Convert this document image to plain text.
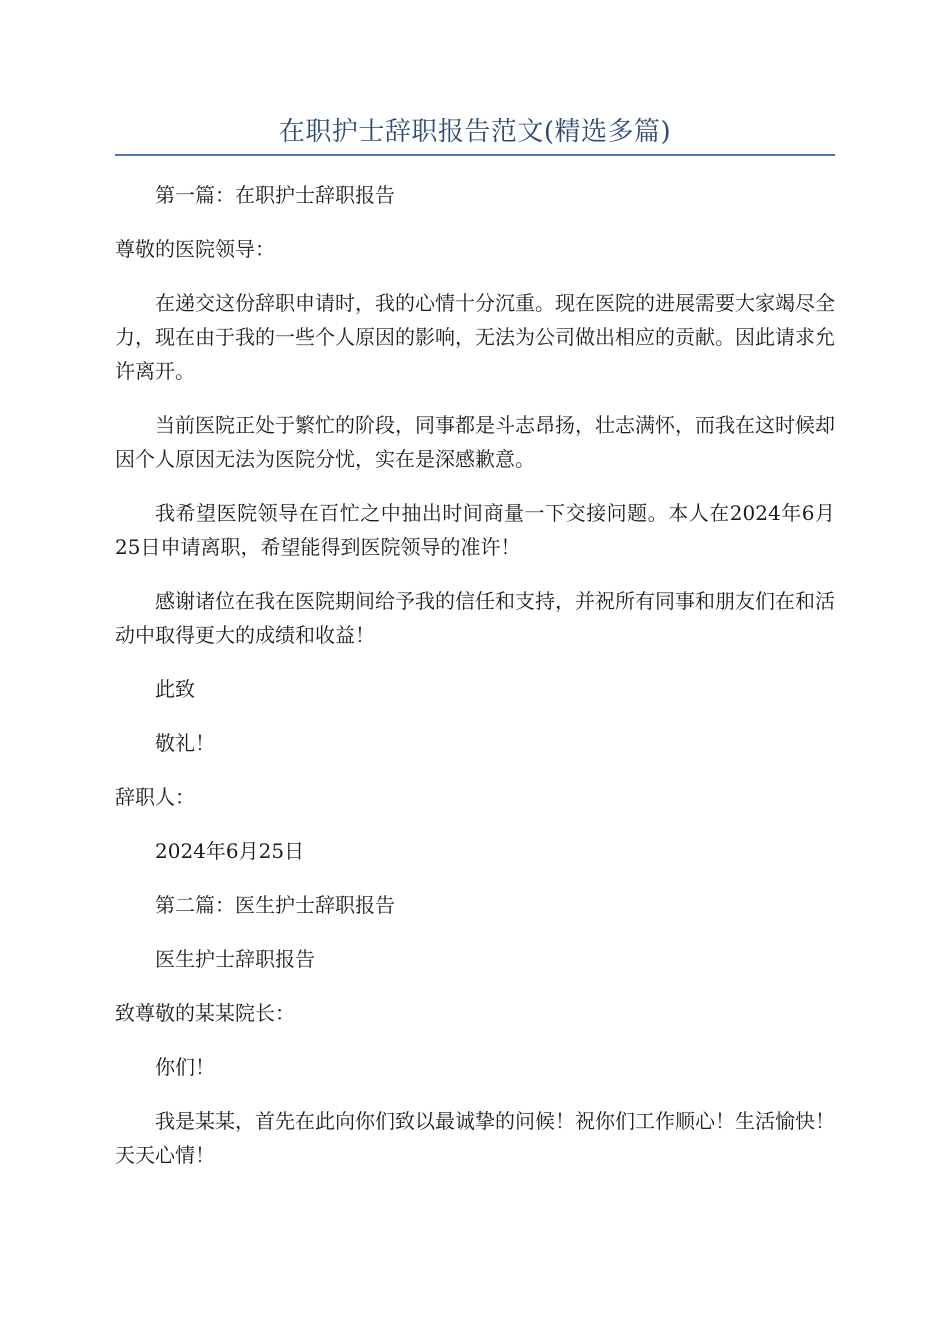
在职护士辞职报告范文(精选多篇)

第一篇：在职护士辞职报告

尊敬的医院领导：

在递交这份辞职申请时，我的心情十分沉重。现在医院的进展需要大家竭尽全力，现在由于我的一些个人原因的影响，无法为公司做出相应的贡献。因此请求允许离开。

当前医院正处于繁忙的阶段，同事都是斗志昂扬，壮志满怀，而我在这时候却因个人原因无法为医院分忧，实在是深感歉意。

我希望医院领导在百忙之中抽出时间商量一下交接问题。本人在2024年6月25日申请离职，希望能得到医院领导的准许！

感谢诸位在我在医院期间给予我的信任和支持，并祝所有同事和朋友们在和活动中取得更大的成绩和收益！

此致

敬礼！

辞职人：

2024年6月25日

第二篇：医生护士辞职报告

医生护士辞职报告

致尊敬的某某院长：

你们！

我是某某，首先在此向你们致以最诚挚的问候！祝你们工作顺心！生活愉快！天天心情！
